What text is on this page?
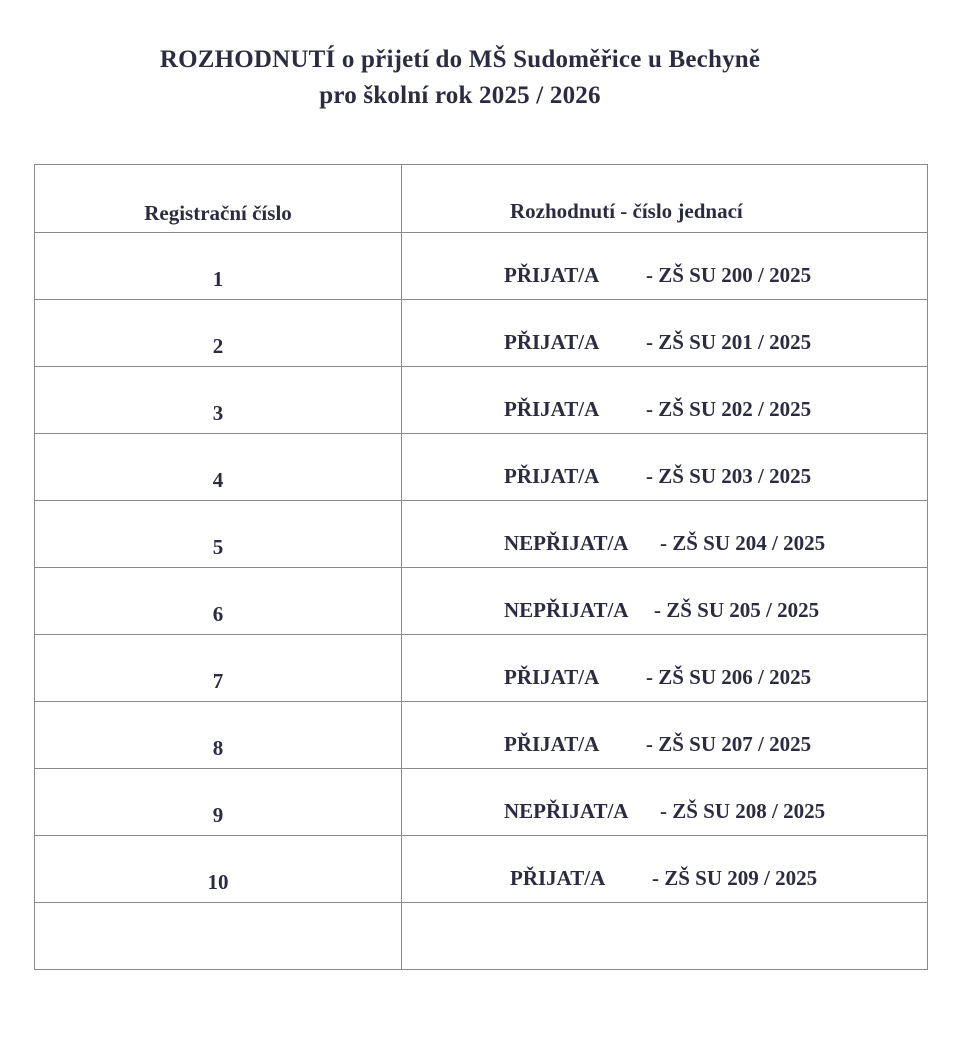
ROZHODNUTÍ o přijetí do MŠ Sudoměřice u Bechyně
pro školní rok 2025 / 2026
Registrační číslo	Rozhodnutí - číslo jednací
1	PŘIJAT/A - ZŠ SU 200 / 2025
2	PŘIJAT/A - ZŠ SU 201 / 2025
3	PŘIJAT/A - ZŠ SU 202 / 2025
4	PŘIJAT/A - ZŠ SU 203 / 2025
5	NEPŘIJAT/A - ZŠ SU 204 / 2025
6	NEPŘIJAT/A - ZŠ SU 205 / 2025
7	PŘIJAT/A - ZŠ SU 206 / 2025
8	PŘIJAT/A - ZŠ SU 207 / 2025
9	NEPŘIJAT/A - ZŠ SU 208 / 2025
10	PŘIJAT/A - ZŠ SU 209 / 2025
